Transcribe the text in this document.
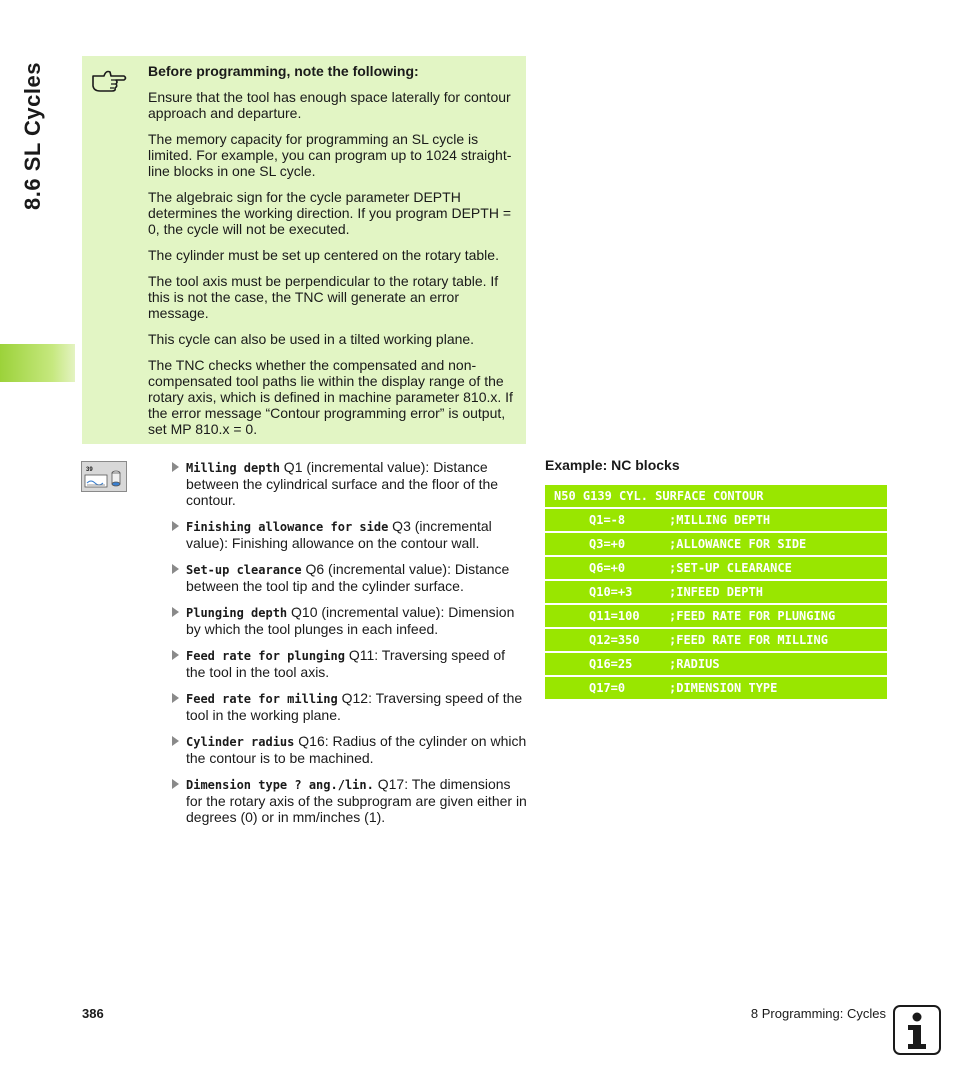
8.6 SL Cycles	Before programming, note the following:

Ensure that the tool has enough space laterally for contour approach and departure.

The memory capacity for programming an SL cycle is limited. For example, you can program up to 1024 straight-line blocks in one SL cycle.

The algebraic sign for the cycle parameter DEPTH determines the working direction. If you program DEPTH = 0, the cycle will not be executed.

The cylinder must be set up centered on the rotary table.

The tool axis must be perpendicular to the rotary table. If this is not the case, the TNC will generate an error message.

This cycle can also be used in a tilted working plane.

The TNC checks whether the compensated and non-compensated tool paths lie within the display range of the rotary axis, which is defined in machine parameter 810.x. If the error message “Contour programming error” is output, set MP 810.x = 0.

39	Milling depth Q1 (incremental value): Distance between the cylindrical surface and the floor of the contour.
Finishing allowance for side Q3 (incremental value): Finishing allowance on the contour wall.
Set-up clearance Q6 (incremental value): Distance between the tool tip and the cylinder surface.
Plunging depth Q10 (incremental value): Dimension by which the tool plunges in each infeed.
Feed rate for plunging Q11: Traversing speed of the tool in the tool axis.
Feed rate for milling Q12: Traversing speed of the tool in the working plane.
Cylinder radius Q16: Radius of the cylinder on which the contour is to be machined.
Dimension type ? ang./lin. Q17: The dimensions for the rotary axis of the subprogram are given either in degrees (0) or in mm/inches (1).
Example: NC blocks
N50 G139 CYL. SURFACE CONTOUR
Q1=-8	;MILLING DEPTH
Q3=+0	;ALLOWANCE FOR SIDE
Q6=+0	;SET-UP CLEARANCE
Q10=+3	;INFEED DEPTH
Q11=100 ;FEED RATE FOR PLUNGING
Q12=350 ;FEED RATE FOR MILLING
Q16=25	;RADIUS
Q17=0	;DIMENSION TYPE
386	8 Programming: Cycles
